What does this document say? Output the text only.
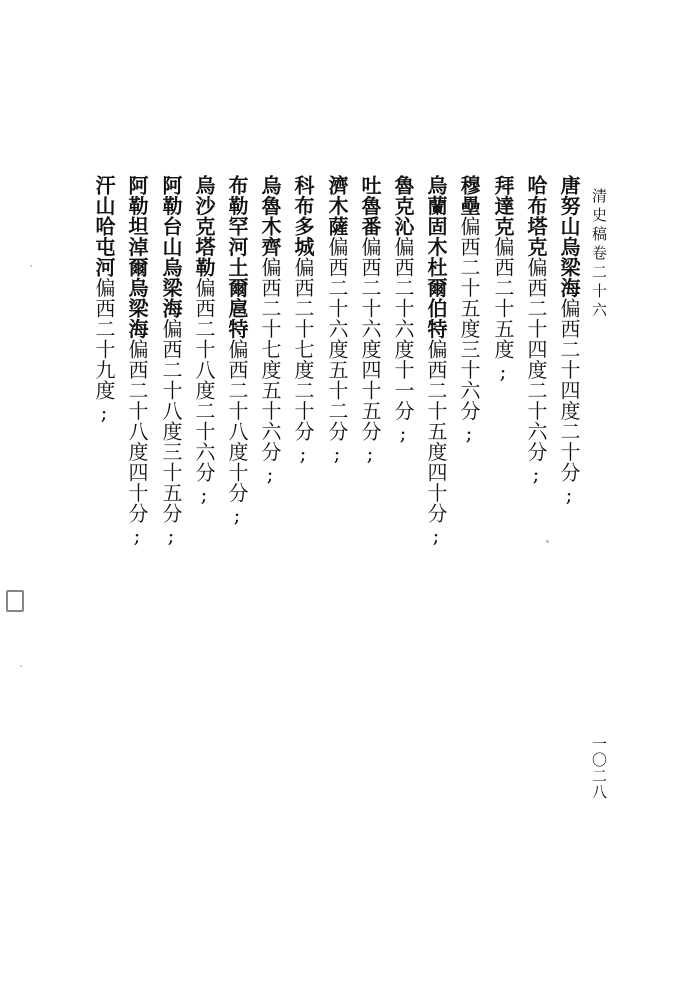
清史稿卷二十六
一〇二八
唐努山烏梁海偏西二十四度二十分;
哈布塔克偏西二十四度二十六分;
拜達克偏西二十五度;
穆壘偏西二十五度三十六分;
烏蘭固木杜爾伯特偏西二十五度四十分;
魯克沁偏西二十六度十一分;
吐魯番偏西二十六度四十五分;
濟木薩偏西二十六度五十二分;
科布多城偏西二十七度二十分;
烏魯木齊偏西二十七度五十六分;
布勒罕河土爾扈特偏西二十八度十分;
烏沙克塔勒偏西二十八度二十六分;
阿勒台山烏梁海偏西二十八度三十五分;
阿勒坦淖爾烏梁海偏西二十八度四十分;
汗山哈屯河偏西二十九度;
